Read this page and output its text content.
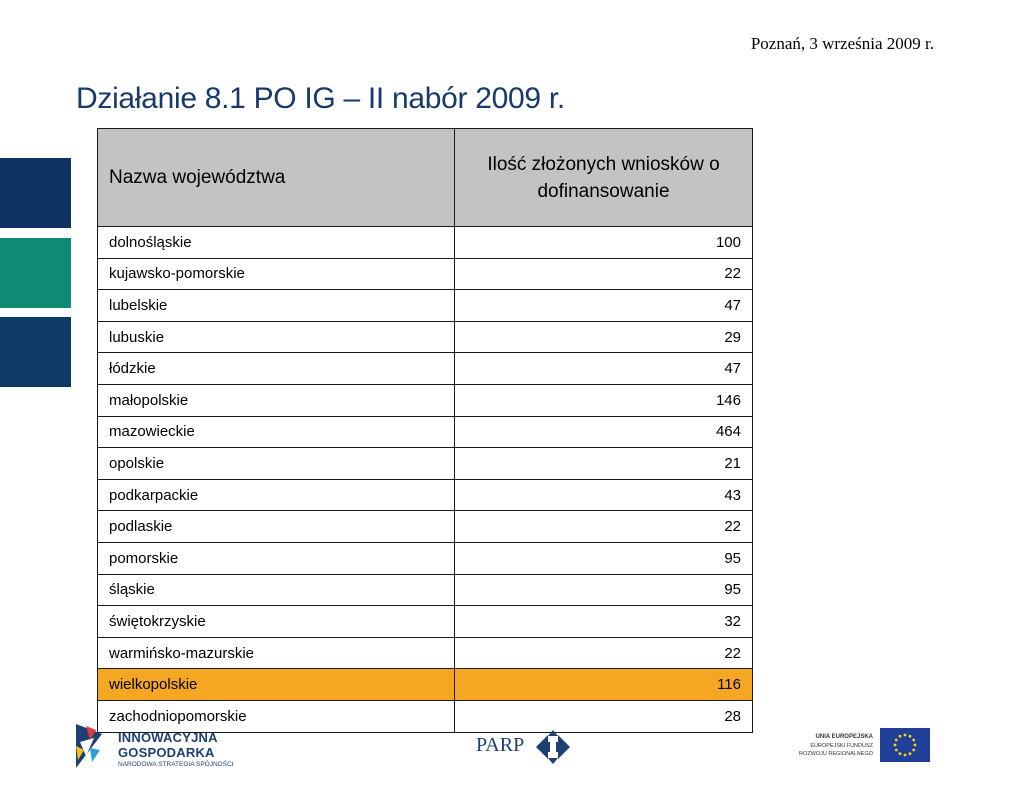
Poznań, 3 września 2009 r.
Działanie 8.1 PO IG – II nabór 2009 r.
Nazwa województwa	Ilość złożonych wniosków o dofinansowanie
dolnośląskie	100
kujawsko-pomorskie	22
lubelskie	47
lubuskie	29
łódzkie	47
małopolskie	146
mazowieckie	464
opolskie	21
podkarpackie	43
podlaskie	22
pomorskie	95
śląskie	95
świętokrzyskie	32
warmińsko-mazurskie	22
wielkopolskie	116
zachodniopomorskie	28
INNOWACYJNA
GOSPODARKA
NARODOWA STRATEGIA SPÓJNOŚCI
PARP	UNIA EUROPEJSKA
EUROPEJSKI FUNDUSZ
ROZWOJU REGIONALNEGO
